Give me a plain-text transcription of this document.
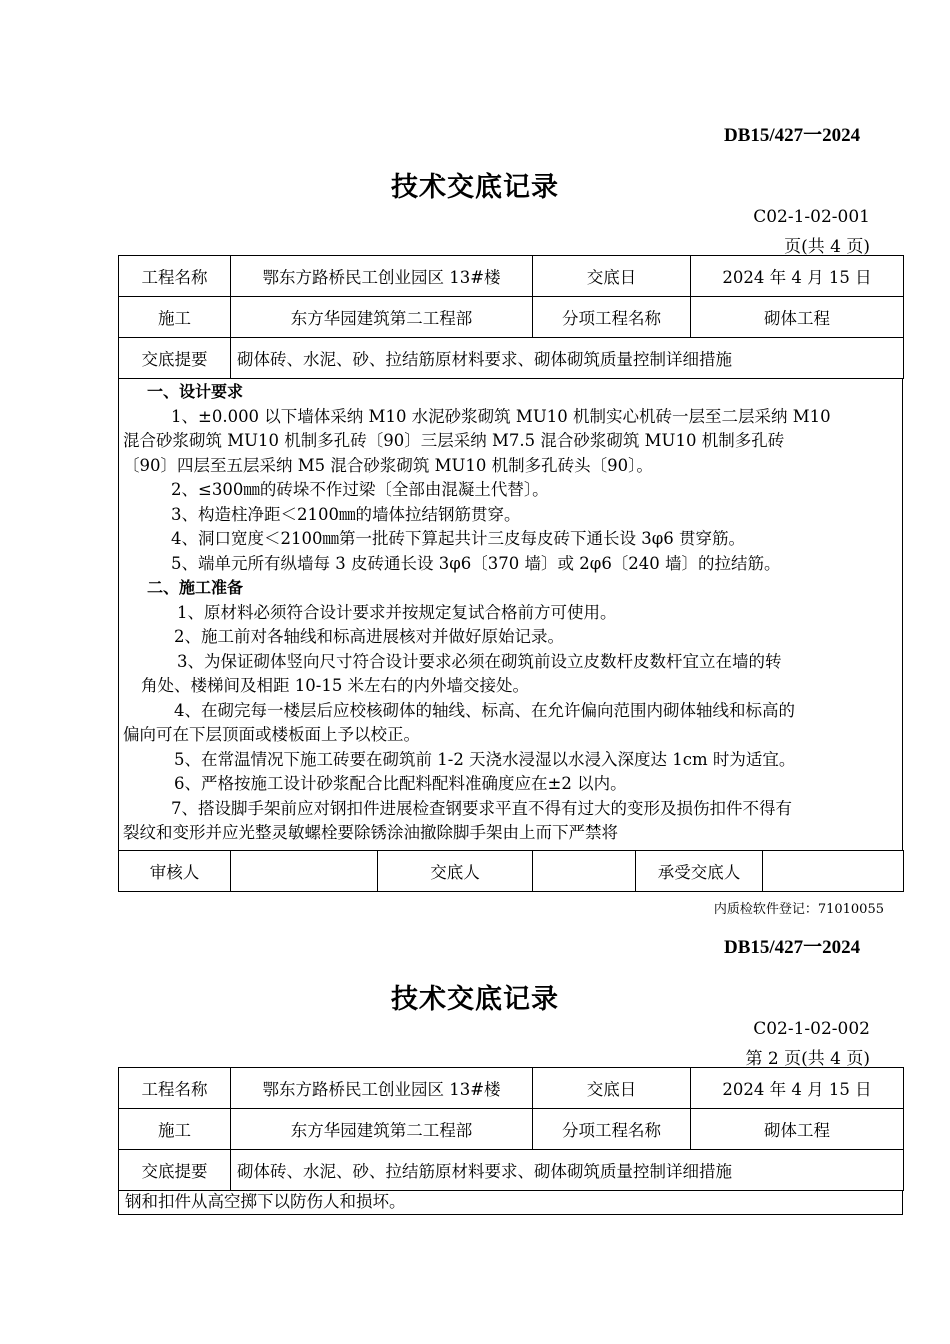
DB15/427一2024
技术交底记录
C02-1-02-001
页(共 4 页)
工程名称	鄂东方路桥民工创业园区 13#楼	交底日	2024 年 4 月 15 日
施工	东方华园建筑第二工程部	分项工程名称	砌体工程
交底提要	砌体砖、水泥、砂、拉结筋原材料要求、砌体砌筑质量控制详细措施		

一、设计要求

1、±0.000 以下墙体采纳 M10 水泥砂浆砌筑 MU10 机制实心机砖一层至二层采纳 M10

混合砂浆砌筑 MU10 机制多孔砖〔90〕三层采纳 M7.5 混合砂浆砌筑 MU10 机制多孔砖

〔90〕四层至五层采纳 M5 混合砂浆砌筑 MU10 机制多孔砖头〔90〕。

2、≤300㎜的砖垛不作过梁〔全部由混凝土代替〕。

3、构造柱净距＜2100㎜的墙体拉结钢筋贯穿。

4、洞口宽度＜2100㎜第一批砖下算起共计三皮每皮砖下通长设 3φ6 贯穿筋。

5、端单元所有纵墙每 3 皮砖通长设 3φ6〔370 墙〕或 2φ6〔240 墙〕的拉结筋。

二、施工准备

1、原材料必须符合设计要求并按规定复试合格前方可使用。

2、施工前对各轴线和标高进展核对并做好原始记录。

3、为保证砌体竖向尺寸符合设计要求必须在砌筑前设立皮数杆皮数杆宜立在墙的转

角处、楼梯间及相距 10-15 米左右的内外墙交接处。

4、在砌完每一楼层后应校核砌体的轴线、标高、在允许偏向范围内砌体轴线和标高的

偏向可在下层顶面或楼板面上予以校正。

5、在常温情况下施工砖要在砌筑前 1-2 天浇水浸湿以水浸入深度达 1cm 时为适宜。

6、严格按施工设计砂浆配合比配料配料准确度应在±2 以内。

7、搭设脚手架前应对钢扣件进展检查钢要求平直不得有过大的变形及损伤扣件不得有

裂纹和变形并应光整灵敏螺栓要除锈涂油撤除脚手架由上而下严禁将

审核人		交底人		承受交底人	
内质检软件登记：71010055
DB15/427一2024
技术交底记录
C02-1-02-002
第 2 页(共 4 页)
工程名称	鄂东方路桥民工创业园区 13#楼	交底日	2024 年 4 月 15 日
施工	东方华园建筑第二工程部	分项工程名称	砌体工程
交底提要	砌体砖、水泥、砂、拉结筋原材料要求、砌体砌筑质量控制详细措施		

钢和扣件从高空掷下以防伤人和损坏。
